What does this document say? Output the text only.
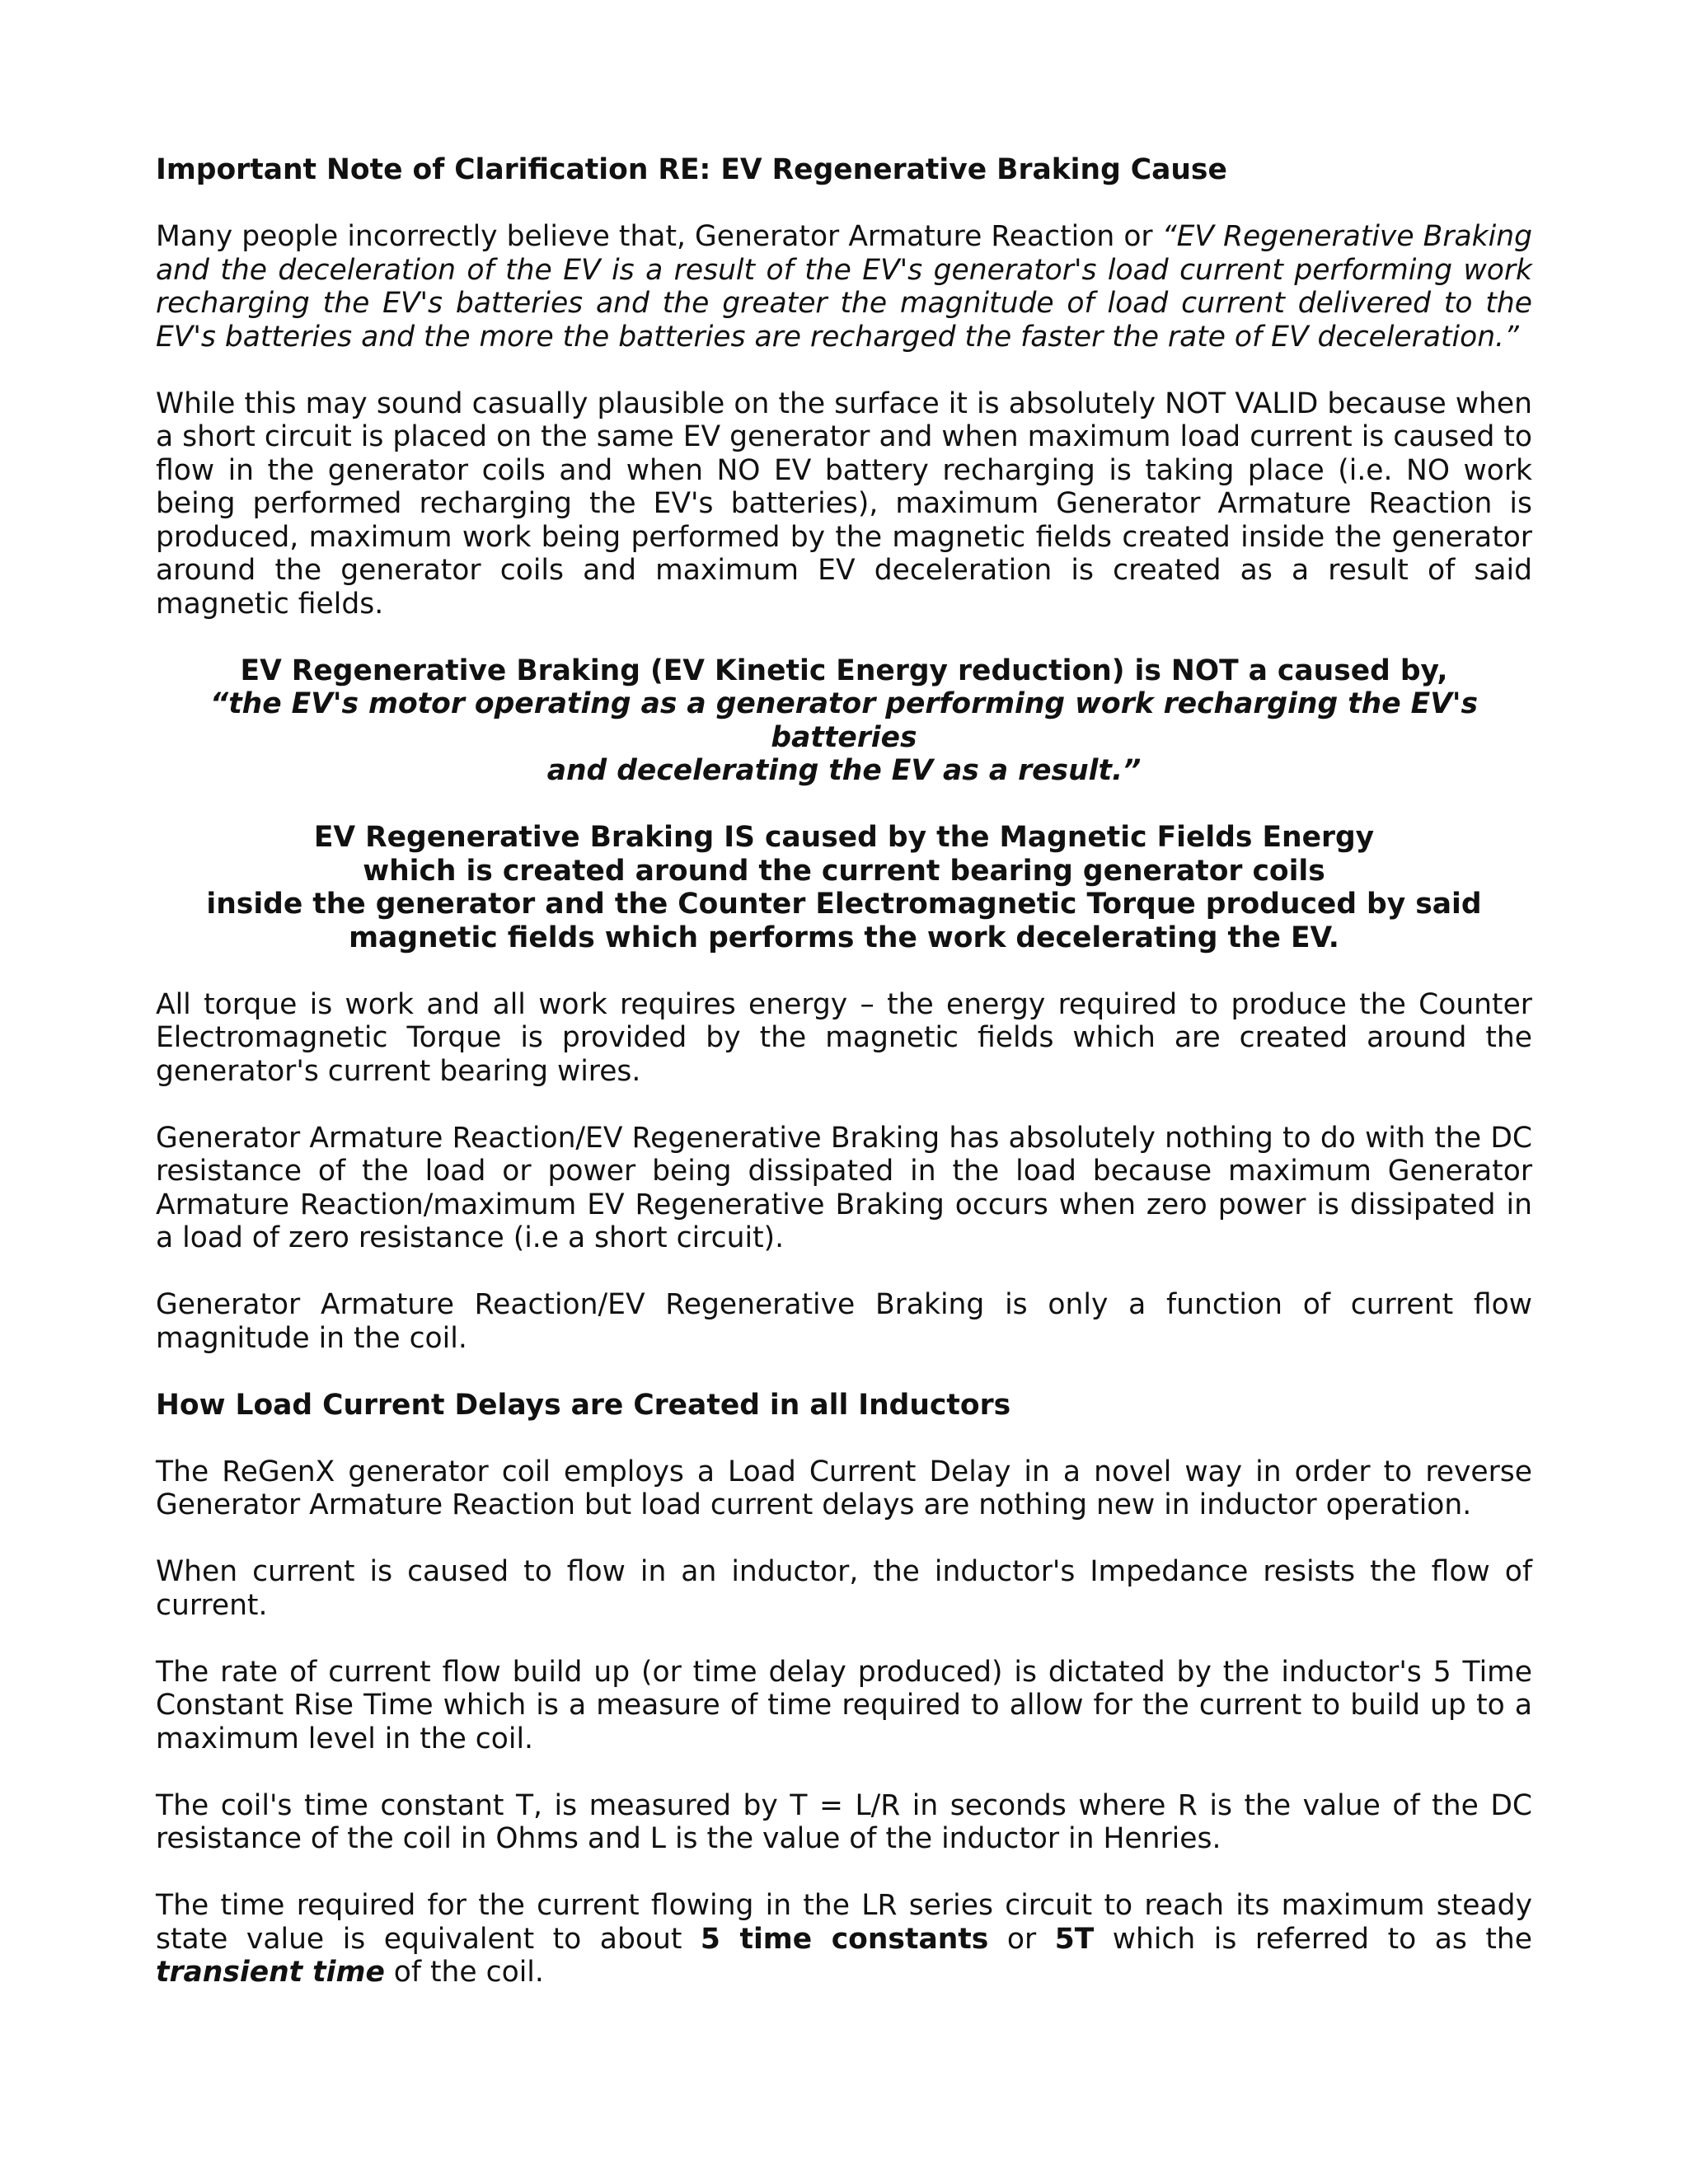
Important Note of Clarification RE: EV Regenerative Braking Cause

Many people incorrectly believe that, Generator Armature Reaction or “EV Regenerative Braking and the deceleration of the EV is a result of the EV's generator's load current performing work recharging the EV's batteries and the greater the magnitude of load current delivered to the EV's batteries and the more the batteries are recharged the faster the rate of EV deceleration.”

While this may sound casually plausible on the surface it is absolutely NOT VALID because when a short circuit is placed on the same EV generator and when maximum load current is caused to flow in the generator coils and when NO EV battery recharging is taking place (i.e. NO work being performed recharging the EV's batteries), maximum Generator Armature Reaction is produced, maximum work being performed by the magnetic fields created inside the generator around the generator coils and maximum EV deceleration is created as a result of said magnetic fields.

EV Regenerative Braking (EV Kinetic Energy reduction) is NOT a caused by,
“the EV's motor operating as a generator performing work recharging the EV's batteries
and decelerating the EV as a result.”
EV Regenerative Braking IS caused by the Magnetic Fields Energy
which is created around the current bearing generator coils
inside the generator and the Counter Electromagnetic Torque produced by said
magnetic fields which performs the work decelerating the EV.

All torque is work and all work requires energy – the energy required to produce the Counter Electromagnetic Torque is provided by the magnetic fields which are created around the generator's current bearing wires.

Generator Armature Reaction/EV Regenerative Braking has absolutely nothing to do with the DC resistance of the load or power being dissipated in the load because maximum Generator Armature Reaction/maximum EV Regenerative Braking occurs when zero power is dissipated in a load of zero resistance (i.e a short circuit).

Generator Armature Reaction/EV Regenerative Braking is only a function of current flow magnitude in the coil.

How Load Current Delays are Created in all Inductors

The ReGenX generator coil employs a Load Current Delay in a novel way in order to reverse Generator Armature Reaction but load current delays are nothing new in inductor operation.

When current is caused to flow in an inductor, the inductor's Impedance resists the flow of current.

The rate of current flow build up (or time delay produced) is dictated by the inductor's 5 Time Constant Rise Time which is a measure of time required to allow for the current to build up to a maximum level in the coil.

The coil's time constant T, is measured by T = L/R in seconds where R is the value of the DC resistance of the coil in Ohms and L is the value of the inductor in Henries.

The time required for the current flowing in the LR series circuit to reach its maximum steady state value is equivalent to about 5 time constants or 5T which is referred to as the transient time of the coil.
